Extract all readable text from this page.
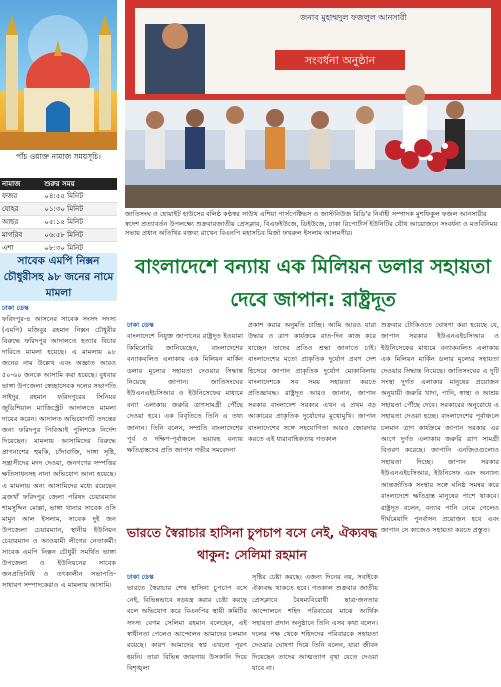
পাঁচ ওয়াক্ত নামাজ সময়সূচি।
নামাজ	শুরুর সময়
ফজর	০৪:৫৫ মিনিট
যোহর	০১:৩০ মিনিট
আছর	০৫:১৫ মিনিট
মাগরিব	০৬:৫৮ মিনিট
এশা	০৮:৩০ মিনিট
সাবেক এমপি নিক্সন চৌধুরীসহ ৯৮ জনের নামে মামলা
ঢাকা ডেস্ক
ফরিদপুর-৪ আসনের সাবেক সংসদ সদস্য (এমপি) মজিবুর রহমান নিক্সন চৌধুরীর বিরুদ্ধে ফরিদপুর আদালতে হত্যার বিচার দাবিতে মামলা হয়েছে। এ মামলায় ৯৮ জনের নাম উল্লেখ এবং অজ্ঞাত আরও ৫০-৬০ জনকে আসামি করা হয়েছে। বুধবার ভাঙ্গা উপজেলা স্বেচ্ছাসেবক দলের সভাপতি সাইদুর রহমান ফরিদপুরের সিনিয়র জুডিশিয়াল ম্যাজিস্ট্রেট আদালতে মামলা দায়ের করেন। আদালত অভিযোগটি তদন্তের জন্য ফরিদপুর পিবিআই পুলিশকে নির্দেশ দিয়েছেন। মামলায় আসামিদের বিরুদ্ধে প্রাণনাশের হুমকি, চাঁদাবাজি, দাঙ্গা সৃষ্টি, সন্ত্রাসীদের মদদ দেওয়া, জনগণের সম্পত্তির ক্ষতিসাধনসহ নানা অভিযোগ আনা হয়েছে। এ মামলায় অন্য আসামিদের মধ্যে রয়েছেন ব্রজখাঁ ফরিদপুর জেলা পরিষদ চেয়ারম্যান শামসুদ্দিন মোল্লা, ভাঙ্গা থানার সাবেক ওসি মামুন আল ইসলাম, সাবেক দুই জন উপজেলা চেয়ারম্যান, স্থানীয় ইউনিয়ন চেয়ারম্যান ও আওয়ামী লীগের নেতাকর্মী। সাবেক এমপি নিক্সন চৌধুরী সমর্থিত ভাঙ্গা উপজেলা ও ইউনিয়নের সাবেক জনপ্রতিনিধি ও তৎকালীন সভাপতি-সাধারণ সম্পাদকেরাও এ মামলায় আসামি।
জনাব মুহাম্মদুল ফজলুল আনসারী
সংবর্ধনা অনুষ্ঠান
জাতিসংঘ ও হোয়াইট হাউসের বলিষ্ঠ কণ্ঠস্বর সাউথ এশিয়া পার্সপেক্টিভস ও জাস্টনিউজ বিডি'র নির্বাহী সম্পাদক মুশফিকুল ফজল আনসারীর স্বদেশ প্রত্যাবর্তন উপলক্ষ্যে শুক্রবারজাতীয় প্রেসক্লাব, বিএফইউজে, ডিইউজে, ঢাকা রিপোর্টার্স ইউনিটির যৌথ আয়োজনে সংবর্ধনা ও মতবিনিময় সভায় প্রধান অতিথির বক্তব্য রাখেন বিএনপি মহাসচিব মির্জা ফখরুল ইসলাম আলমগীর।
বাংলাদেশে বন্যায় এক মিলিয়ন ডলার সহায়তা দেবে জাপান: রাষ্ট্রদূত
ঢাকা ডেস্ক
বাংলাদেশে নিযুক্ত জাপানের রাষ্ট্রদূত ইওয়ামা কিমিনোরি জানিয়েছেন, বাংলাদেশের বন্যাকবলিত এলাকায় এক মিলিয়ন মার্কিন ডলার মূল্যের সহায়তা দেওয়ার সিদ্ধান্ত নিয়েছে জাপান। জাতিসংঘের ইউএনএইচসিআর ও ইউনিসেফের মাধ্যমে বন্যা এলাকায় জরুরি ত্রাণসামগ্রী পৌঁছে দেওয়া হবে। এক বিবৃতিতে তিনি এ তথ্য জানান। তিনি বলেন, সম্প্রতি বাংলাদেশের পূর্ব ও দক্ষিণ-পূর্বাঞ্চলে ভয়াবহ বন্যায় ক্ষতিগ্রস্তদের প্রতি জাপান গভীর সমবেদনা
প্রকাশ করার অনুমতি চাচ্ছি। আমি আরও যারা উদ্ধার ও ত্রাণ কার্যক্রমে রাত-দিন কাজ করে যাচ্ছেন তাদের প্রতিও শ্রদ্ধা জানাতে চাই। বাংলাদেশের মতো প্রাকৃতিক দুর্যোগ প্রবণ দেশ হিসেবে জাপান প্রাকৃতিক দুর্যোগ মোকাবিলায় বাংলাদেশকে সব সময় সহায়তা করতে প্রতিজ্ঞাবদ্ধ। রাষ্ট্রদূত আরও জানান, জাপান সরকার বাংলাদেশ সরকার এখন এ প্রথম বড় আকারের প্রাকৃতিক দুর্যোগের মুখোমুখি। জাপান বাংলাদেশের সঙ্গে সহযোগিতা আরও জোরদার করতে এই ধারাবাহিকতায় গতকাল
শুক্রবার টোকিওতে ঘোষণা করা হয়েছে যে, জাপান সরকার ইউএনএইচসিআর ও ইউনিসেফের মাধ্যমে বন্যাকবলিত এলাকায় এক মিলিয়ন মার্কিন ডলার মূল্যের সহায়তা দেওয়ার সিদ্ধান্ত নিয়েছে। জাতিসংঘের এ দুটি সংস্থা দুর্গত এলাকার মানুষের প্রয়োজন অনুযায়ী জরুরি খাদ্য, পানি, স্বাস্থ্য ও আশ্রয় সহায়তা পৌঁছে দেবে। সরকারের অনুরোধে এ সহায়তা দেওয়া হচ্ছে। বাংলাদেশের পূর্বাঞ্চলে চলমান ত্রাণ কার্যক্রমে জাপান সরকার এর আগে দুর্গত এলাকায় জরুরি ত্রাণ সামগ্রী বিতরণ করেছে। জাপানি এনজিওগুলোও সহায়তা দিচ্ছে। জাপান সরকার ইউএনএইচসিআর, ইউনিসেফ এবং অন্যান্য আন্তর্জাতিক সংস্থার সঙ্গে ঘনিষ্ঠ সমন্বয় করে বাংলাদেশে ক্ষতিগ্রস্ত মানুষের পাশে থাকবে। রাষ্ট্রদূত বলেন, বন্যার পানি নেমে গেলেও দীর্ঘমেয়াদি পুনর্বাসন প্রয়োজন হবে এবং জাপান সে কাজেও সহায়তা করতে প্রস্তুত।
ভারতে স্বৈরাচার হাসিনা চুপচাপ বসে নেই, ঐক্যবদ্ধ থাকুন: সেলিমা রহমান
ঢাকা ডেস্ক
ভারতে স্বৈরাচার শেখ হাসিনা চুপচাপ বসে নেই, বিভিন্নভাবে ষড়যন্ত্র করার চেষ্টা করছে বলে অভিযোগ করে বিএনপির স্থায়ী কমিটির সদস্য বেগম সেলিমা রহমান বলেছেন, এই স্বাধীনতা পেলেও আন্দোলন আমাদের চলমান রয়েছে। কারণ আমাদের স্বপ্ন এখনো পূরণ হয়নি। তারা বিভিন্ন জায়গায় উসকানি দিয়ে বিশৃঙ্খলা
সৃষ্টির চেষ্টা করছে। এজন্য দিনের নয়, সবাইকে ঐক্যবদ্ধ থাকতে হবে। গতকাল শুক্রবার জাতীয় প্রেসক্লাবে বৈষম্যবিরোধী ছাত্র-জনতার আন্দোলনে শহিদ পরিবারের মাঝে আর্থিক সহায়তা প্রদান অনুষ্ঠানে তিনি এসব কথা বলেন। দলের পক্ষ থেকে শহিদদের পরিবারকে সহায়তা দেওয়ার ঘোষণা দিয়ে তিনি বলেন, যারা জীবন দিয়েছেন তাদের আত্মত্যাগ বৃথা যেতে দেওয়া যাবে না।
